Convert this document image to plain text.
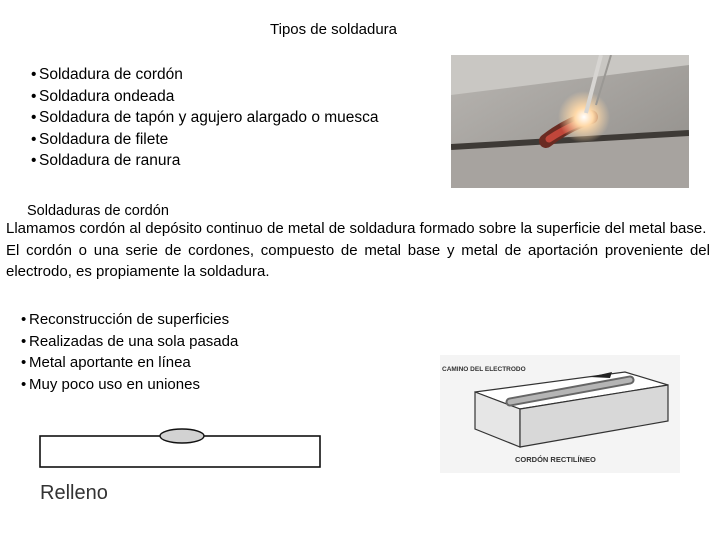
Tipos de soldadura
• Soldadura de cordón
• Soldadura ondeada
• Soldadura de tapón y agujero alargado o muesca
• Soldadura de filete
• Soldadura de ranura
Soldaduras de cordón

Llamamos cordón al depósito continuo de metal de soldadura formado sobre la superficie del metal base.

El cordón o una serie de cordones, compuesto de metal base y metal de aportación proveniente del electrodo, es propiamente la soldadura.

• Reconstrucción de superficies
• Realizadas de una sola pasada
• Metal aportante en línea
• Muy poco uso en uniones
CAMINO DEL ELECTRODO
CORDÓN RECTILÍNEO
Relleno
